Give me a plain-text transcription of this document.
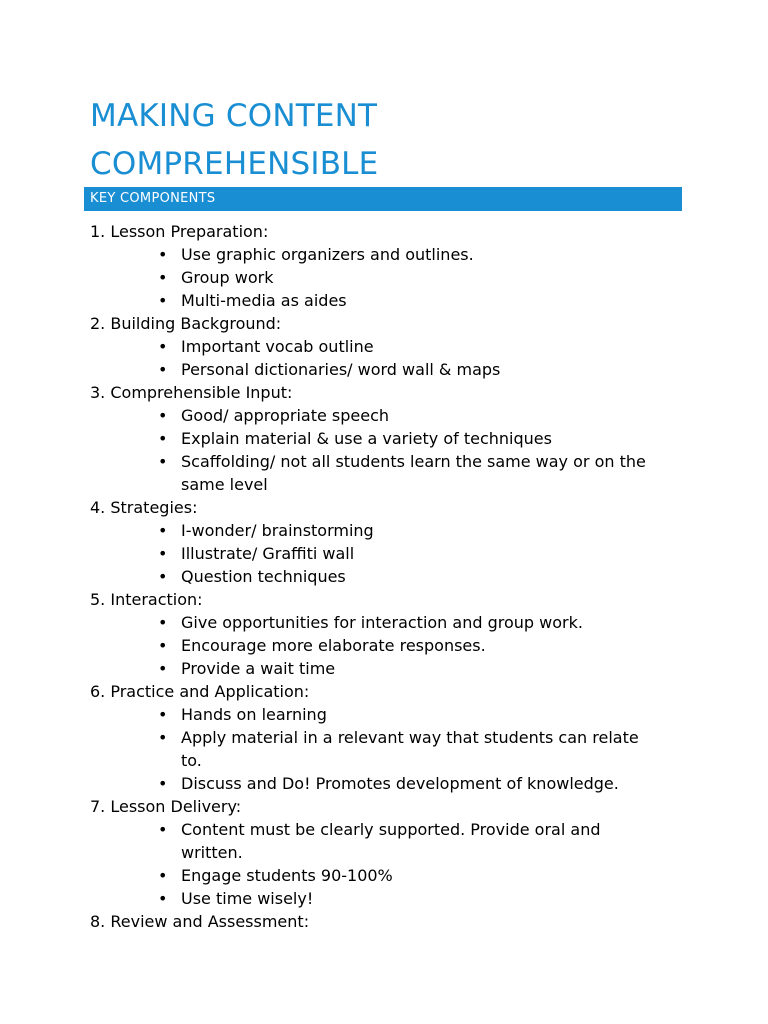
MAKING CONTENT
COMPREHENSIBLE
KEY COMPONENTS
1. Lesson Preparation:
• Use graphic organizers and outlines.
• Group work
• Multi-media as aides
2. Building Background:
• Important vocab outline
• Personal dictionaries/ word wall & maps
3. Comprehensible Input:
• Good/ appropriate speech
• Explain material & use a variety of techniques
• Scaffolding/ not all students learn the same way or on the same level
4. Strategies:
• I-wonder/ brainstorming
• Illustrate/ Graffiti wall
• Question techniques
5. Interaction:
• Give opportunities for interaction and group work.
• Encourage more elaborate responses.
• Provide a wait time
6. Practice and Application:
• Hands on learning
• Apply material in a relevant way that students can relate to.
• Discuss and Do! Promotes development of knowledge.
7. Lesson Delivery:
• Content must be clearly supported. Provide oral and written.
• Engage students 90-100%
• Use time wisely!
8. Review and Assessment:
